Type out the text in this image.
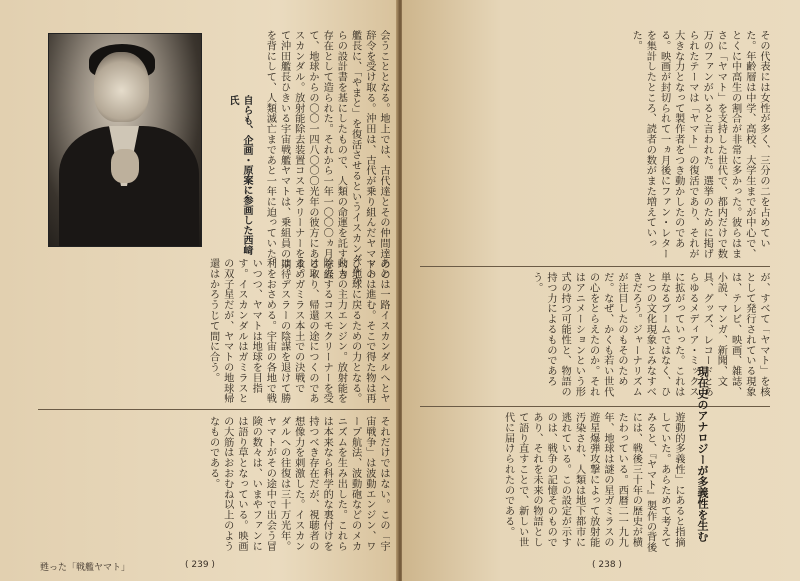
自らも、企画・原案に参画した西﨑氏	会うこととなる。地上では、古代達とその仲間達のの辞令を受け取る。沖田は、古代が乗り組んだヤマトの艦長に、「やまと」を復活させるというイスカンダルからの設計書を基にしたもので、人類の命運を託すべき存在として造られた。それから一年一〇〇〇ヵ月を経て、地球からの〇〇一四八〇〇〇光年の彼方にあるイスカンダル。放射能除去装置コスモクリーナーを求めて沖田艦長ひきいる宇宙戦艦ヤマトは、乗組員の期待を背にして、人類滅亡まであと一年に迫っていた。
あとは一路イスカンダルへとヤマトは進む。そこで得た物は再び地球に戻るための力となる。動力の主力エンジン。放射能を除去するコスモクリーナーを受け取り、帰還の途につくのである。ガミラス本土での決戦では、デスラーの陰謀を退けて勝利をおさめる。宇宙の各地で戦いつつ、ヤマトは地球を目指す。イスカンダルはガミラスとの双子星だが、ヤマトの地球帰還はかろうじて間に合う。
それだけではない。この「宇宙戦争」は波動エンジン、ワープ航法、波動砲などのメカニズムを生み出した。これらは本来なら科学的な裏付けを持つべき存在だが、視聴者の想像力を刺激した。イスカンダルへの往復は三十万光年。ヤマトがその途中で出会う冒険の数々は、いまやファンには語り草となっている。映画の大筋はおおむね以上のようなものである。
甦った「戦艦ヤマト」	( 239 )
その代表には女性が多く、三分の二を占めていた。年齢層は中学、高校、大学生までが中心で、とくに中高生の割合が非常に多かった。彼らはまさに「ヤマト」を支持した世代で、都内だけで数万のファンがいると言われた。選挙のために掲げられたテーマは「ヤマト」の復活であり、それが大きな力となって製作者をつき動かしたのである。映画が封切られて一ヵ月後にファン・レターを集計したところ、読者の数がまた増えていった。
が、すべて「ヤマト」を核として発行されている現象は、テレビ、映画、雑誌、小説、マンガ、新聞、文具、グッズ、レコードとあらゆるメディア・ミックスに拡がっていった。これは単なるブームではなく、ひとつの文化現象とみなすべきだろう。ジャーナリズムが注目したのもそのためだ。なぜ、かくも若い世代の心をとらえたのか。それはアニメーションという形式の持つ可能性と、物語の持つ力によるものであろう。
遊動的多義性」にあると指摘していた。あらためて考えてみると、『ヤマト』製作の背後には、戦後三十年の歴史が横たわっている。西暦二一九九年、地球は謎の星ガミラスの遊星爆弾攻撃によって放射能汚染され、人類は地下都市に逃れている。この設定が示すのは、戦争の記憶そのものであり、それを未来の物語として語り直すことで、新しい世代に届けられたのである。	現在史のアナロジーが多義性を生む
( 238 )
